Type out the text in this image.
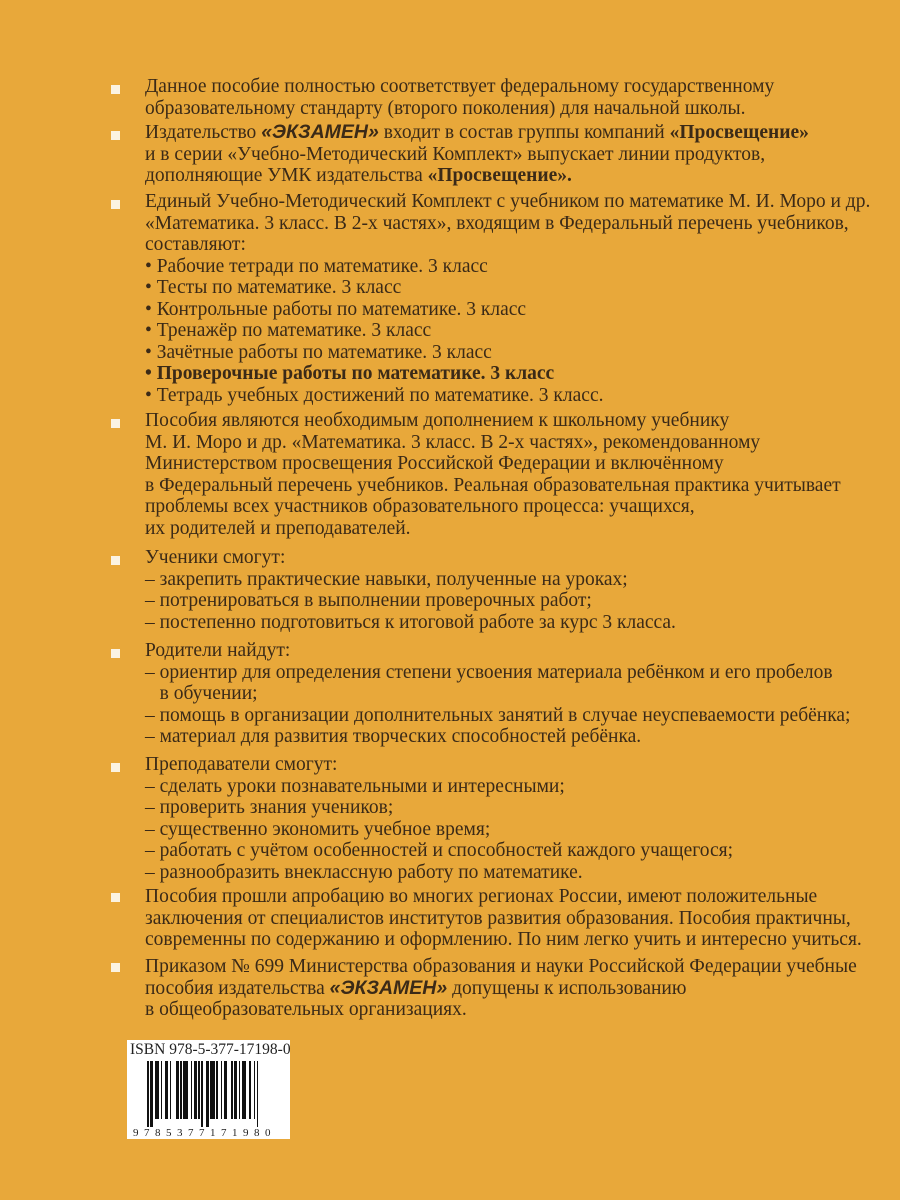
Данное пособие полностью соответствует федеральному государственному
образовательному стандарту (второго поколения) для начальной школы.
Издательство «ЭКЗАМЕН» входит в состав группы компаний «Просвещение»
и в серии «Учебно-Методический Комплект» выпускает линии продуктов,
дополняющие УМК издательства «Просвещение».
Единый Учебно-Методический Комплект с учебником по математике М. И. Моро и др.
«Математика. 3 класс. В 2-х частях», входящим в Федеральный перечень учебников,
составляют:
• Рабочие тетради по математике. 3 класс
• Тесты по математике. 3 класс
• Контрольные работы по математике. 3 класс
• Тренажёр по математике. 3 класс
• Зачётные работы по математике. 3 класс
• Проверочные работы по математике. 3 класс
• Тетрадь учебных достижений по математике. 3 класс.
Пособия являются необходимым дополнением к школьному учебнику
М. И. Моро и др. «Математика. 3 класс. В 2-х частях», рекомендованному
Министерством просвещения Российской Федерации и включённому
в Федеральный перечень учебников. Реальная образовательная практика учитывает
проблемы всех участников образовательного процесса: учащихся,
их родителей и преподавателей.
Ученики смогут:
– закрепить практические навыки, полученные на уроках;
– потренироваться в выполнении проверочных работ;
– постепенно подготовиться к итоговой работе за курс 3 класса.
Родители найдут:
– ориентир для определения степени усвоения материала ребёнком и его пробелов
в обучении;
– помощь в организации дополнительных занятий в случае неуспеваемости ребёнка;
– материал для развития творческих способностей ребёнка.
Преподаватели смогут:
– сделать уроки познавательными и интересными;
– проверить знания учеников;
– существенно экономить учебное время;
– работать с учётом особенностей и способностей каждого учащегося;
– разнообразить внеклассную работу по математике.
Пособия прошли апробацию во многих регионах России, имеют положительные
заключения от специалистов институтов развития образования. Пособия практичны,
современны по содержанию и оформлению. По ним легко учить и интересно учиться.
Приказом № 699 Министерства образования и науки Российской Федерации учебные
пособия издательства «ЭКЗАМЕН» допущены к использованию
в общеобразовательных организациях.
ISBN 978-5-377-17198-0
9785377171980
